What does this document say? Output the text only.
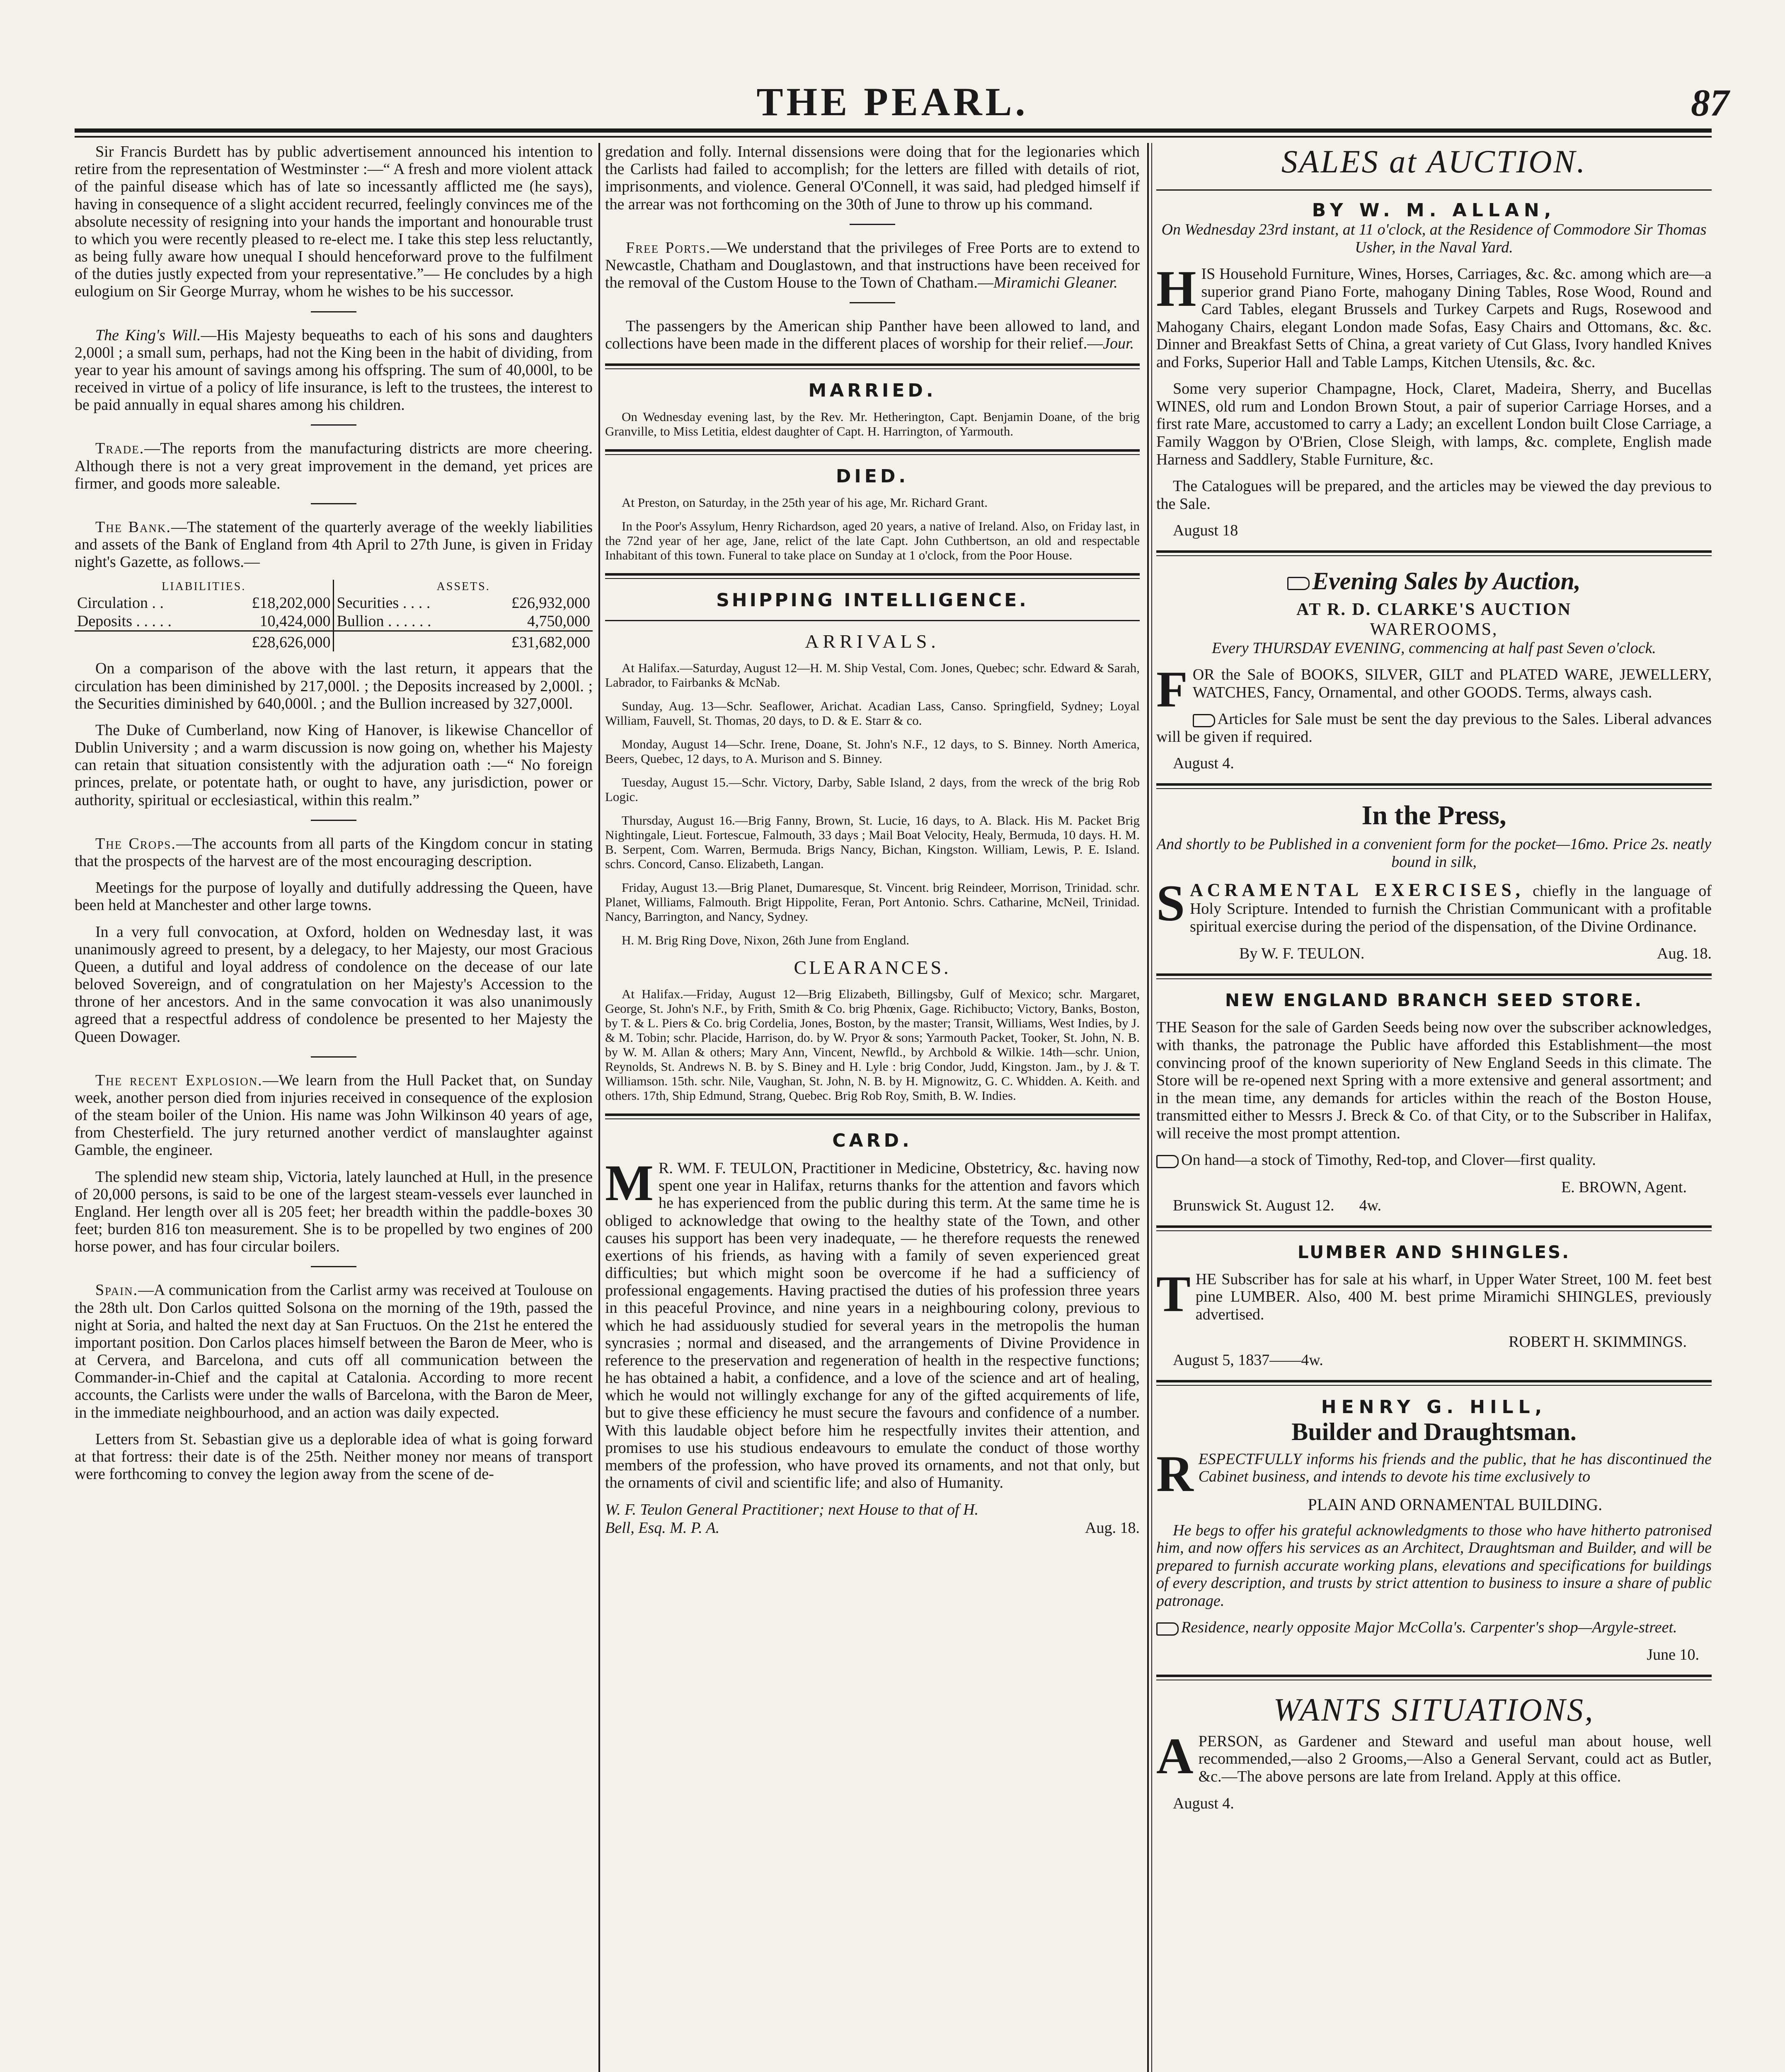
THE PEARL.	87

Sir Francis Burdett has by public advertisement announced his intention to retire from the representation of Westminster :—“ A fresh and more violent attack of the painful disease which has of late so incessantly afflicted me (he says), having in consequence of a slight accident recurred, feelingly convinces me of the absolute necessity of resigning into your hands the important and honourable trust to which you were recently pleased to re-elect me. I take this step less reluctantly, as being fully aware how unequal I should henceforward prove to the fulfilment of the duties justly expected from your representative.”— He concludes by a high eulogium on Sir George Murray, whom he wishes to be his successor.

The King's Will.—His Majesty bequeaths to each of his sons and daughters 2,000l ; a small sum, perhaps, had not the King been in the habit of dividing, from year to year his amount of savings among his offspring. The sum of 40,000l, to be received in virtue of a policy of life insurance, is left to the trustees, the interest to be paid annually in equal shares among his children.

Trade.—The reports from the manufacturing districts are more cheering. Although there is not a very great improvement in the demand, yet prices are firmer, and goods more saleable.

The Bank.—The statement of the quarterly average of the weekly liabilities and assets of the Bank of England from 4th April to 27th June, is given in Friday night's Gazette, as follows.—

LIABILITIES.		ASSETS.	
Circulation . .	£18,202,000	Securities . . . .	£26,932,000
Deposits . . . . .	10,424,000	Bullion . . . . . .	4,750,000
	£28,626,000		£31,682,000

On a comparison of the above with the last return, it appears that the circulation has been diminished by 217,000l. ; the Deposits increased by 2,000l. ; the Securities diminished by 640,000l. ; and the Bullion increased by 327,000l.

The Duke of Cumberland, now King of Hanover, is likewise Chancellor of Dublin University ; and a warm discussion is now going on, whether his Majesty can retain that situation consistently with the adjuration oath :—“ No foreign princes, prelate, or potentate hath, or ought to have, any jurisdiction, power or authority, spiritual or ecclesiastical, within this realm.”

The Crops.—The accounts from all parts of the Kingdom concur in stating that the prospects of the harvest are of the most encouraging description.

Meetings for the purpose of loyally and dutifully addressing the Queen, have been held at Manchester and other large towns.

In a very full convocation, at Oxford, holden on Wednesday last, it was unanimously agreed to present, by a delegacy, to her Majesty, our most Gracious Queen, a dutiful and loyal address of condolence on the decease of our late beloved Sovereign, and of congratulation on her Majesty's Accession to the throne of her ancestors. And in the same convocation it was also unanimously agreed that a respectful address of condolence be presented to her Majesty the Queen Dowager.

The recent Explosion.—We learn from the Hull Packet that, on Sunday week, another person died from injuries received in consequence of the explosion of the steam boiler of the Union. His name was John Wilkinson 40 years of age, from Chesterfield. The jury returned another verdict of manslaughter against Gamble, the engineer.

The splendid new steam ship, Victoria, lately launched at Hull, in the presence of 20,000 persons, is said to be one of the largest steam-vessels ever launched in England. Her length over all is 205 feet; her breadth within the paddle-boxes 30 feet; burden 816 ton measurement. She is to be propelled by two engines of 200 horse power, and has four circular boilers.

Spain.—A communication from the Carlist army was received at Toulouse on the 28th ult. Don Carlos quitted Solsona on the morning of the 19th, passed the night at Soria, and halted the next day at San Fructuos. On the 21st he entered the important position. Don Carlos places himself between the Baron de Meer, who is at Cervera, and Barcelona, and cuts off all communication between the Commander-in-Chief and the capital at Catalonia. According to more recent accounts, the Carlists were under the walls of Barcelona, with the Baron de Meer, in the immediate neighbourhood, and an action was daily expected.

Letters from St. Sebastian give us a deplorable idea of what is going forward at that fortress: their date is of the 25th. Neither money nor means of transport were forthcoming to convey the legion away from the scene of de-

gredation and folly. Internal dissensions were doing that for the legionaries which the Carlists had failed to accomplish; for the letters are filled with details of riot, imprisonments, and violence. General O'Connell, it was said, had pledged himself if the arrear was not forthcoming on the 30th of June to throw up his command.

Free Ports.—We understand that the privileges of Free Ports are to extend to Newcastle, Chatham and Douglastown, and that instructions have been received for the removal of the Custom House to the Town of Chatham.—Miramichi Gleaner.

The passengers by the American ship Panther have been allowed to land, and collections have been made in the different places of worship for their relief.—Jour.

MARRIED.

On Wednesday evening last, by the Rev. Mr. Hetherington, Capt. Benjamin Doane, of the brig Granville, to Miss Letitia, eldest daughter of Capt. H. Harrington, of Yarmouth.

DIED.

At Preston, on Saturday, in the 25th year of his age, Mr. Richard Grant.

In the Poor's Assylum, Henry Richardson, aged 20 years, a native of Ireland. Also, on Friday last, in the 72nd year of her age, Jane, relict of the late Capt. John Cuthbertson, an old and respectable Inhabitant of this town. Funeral to take place on Sunday at 1 o'clock, from the Poor House.

SHIPPING INTELLIGENCE.
ARRIVALS.

At Halifax.—Saturday, August 12—H. M. Ship Vestal, Com. Jones, Quebec; schr. Edward & Sarah, Labrador, to Fairbanks & McNab.

Sunday, Aug. 13—Schr. Seaflower, Arichat. Acadian Lass, Canso. Springfield, Sydney; Loyal William, Fauvell, St. Thomas, 20 days, to D. & E. Starr & co.

Monday, August 14—Schr. Irene, Doane, St. John's N.F., 12 days, to S. Binney. North America, Beers, Quebec, 12 days, to A. Murison and S. Binney.

Tuesday, August 15.—Schr. Victory, Darby, Sable Island, 2 days, from the wreck of the brig Rob Logic.

Thursday, August 16.—Brig Fanny, Brown, St. Lucie, 16 days, to A. Black. His M. Packet Brig Nightingale, Lieut. Fortescue, Falmouth, 33 days ; Mail Boat Velocity, Healy, Bermuda, 10 days. H. M. B. Serpent, Com. Warren, Bermuda. Brigs Nancy, Bichan, Kingston. William, Lewis, P. E. Island. schrs. Concord, Canso. Elizabeth, Langan.

Friday, August 13.—Brig Planet, Dumaresque, St. Vincent. brig Reindeer, Morrison, Trinidad. schr. Planet, Williams, Falmouth. Brigt Hippolite, Feran, Port Antonio. Schrs. Catharine, McNeil, Trinidad. Nancy, Barrington, and Nancy, Sydney.

H. M. Brig Ring Dove, Nixon, 26th June from England.

CLEARANCES.

At Halifax.—Friday, August 12—Brig Elizabeth, Billingsby, Gulf of Mexico; schr. Margaret, George, St. John's N.F., by Frith, Smith & Co. brig Phœnix, Gage. Richibucto; Victory, Banks, Boston, by T. & L. Piers & Co. brig Cordelia, Jones, Boston, by the master; Transit, Williams, West Indies, by J. & M. Tobin; schr. Placide, Harrison, do. by W. Pryor & sons; Yarmouth Packet, Tooker, St. John, N. B. by W. M. Allan & others; Mary Ann, Vincent, Newfld., by Archbold & Wilkie. 14th—schr. Union, Reynolds, St. Andrews N. B. by S. Biney and H. Lyle : brig Condor, Judd, Kingston. Jam., by J. & T. Williamson. 15th. schr. Nile, Vaughan, St. John, N. B. by H. Mignowitz, G. C. Whidden. A. Keith. and others. 17th, Ship Edmund, Strang, Quebec. Brig Rob Roy, Smith, B. W. Indies.

CARD.

M R. WM. F. TEULON, Practitioner in Medicine, Obstetricy, &c. having now spent one year in Halifax, returns thanks for the attention and favors which he has experienced from the public during this term. At the same time he is obliged to acknowledge that owing to the healthy state of the Town, and other causes his support has been very inadequate, — he therefore requests the renewed exertions of his friends, as having with a family of seven experienced great difficulties; but which might soon be overcome if he had a sufficiency of professional engagements. Having practised the duties of his profession three years in this peaceful Province, and nine years in a neighbouring colony, previous to which he had assiduously studied for several years in the metropolis the human syncrasies ; normal and diseased, and the arrangements of Divine Providence in reference to the preservation and regeneration of health in the respective functions; he has obtained a habit, a confidence, and a love of the science and art of healing, which he would not willingly exchange for any of the gifted acquirements of life, but to give these efficiency he must secure the favours and confidence of a number. With this laudable object before him he respectfully invites their attention, and promises to use his studious endeavours to emulate the conduct of those worthy members of the profession, who have proved its ornaments, and not that only, but the ornaments of civil and scientific life; and also of Humanity.

W. F. Teulon General Practitioner; next House to that of H. Bell, Esq. M. P. A.	Aug. 18.
SALES at AUCTION.
BY W. M. ALLAN,

On Wednesday 23rd instant, at 11 o'clock, at the Residence of Commodore Sir Thomas Usher, in the Naval Yard.

HIS Household Furniture, Wines, Horses, Carriages, &c. &c. among which are—a superior grand Piano Forte, mahogany Dining Tables, Rose Wood, Round and Card Tables, elegant Brussels and Turkey Carpets and Rugs, Rosewood and Mahogany Chairs, elegant London made Sofas, Easy Chairs and Ottomans, &c. &c. Dinner and Breakfast Setts of China, a great variety of Cut Glass, Ivory handled Knives and Forks, Superior Hall and Table Lamps, Kitchen Utensils, &c. &c.

Some very superior Champagne, Hock, Claret, Madeira, Sherry, and Bucellas WINES, old rum and London Brown Stout, a pair of superior Carriage Horses, and a first rate Mare, accustomed to carry a Lady; an excellent London built Close Carriage, a Family Waggon by O'Brien, Close Sleigh, with lamps, &c. complete, English made Harness and Saddlery, Stable Furniture, &c.

The Catalogues will be prepared, and the articles may be viewed the day previous to the Sale.

August 18

Evening Sales by Auction,
AT R. D. CLARKE'S AUCTION
WAREROOMS,

Every THURSDAY EVENING, commencing at half past Seven o'clock.

FOR the Sale of BOOKS, SILVER, GILT and PLATED WARE, JEWELLERY, WATCHES, Fancy, Ornamental, and other GOODS. Terms, always cash.

Articles for Sale must be sent the day previous to the Sales. Liberal advances will be given if required.

August 4.

In the Press,

And shortly to be Published in a convenient form for the pocket—16mo. Price 2s. neatly bound in silk,

SACRAMENTAL EXERCISES, chiefly in the language of Holy Scripture. Intended to furnish the Christian Communicant with a profitable spiritual exercise during the period of the dispensation, of the Divine Ordinance.

By W. F. TEULON.	Aug. 18.
NEW ENGLAND BRANCH SEED STORE.

THE Season for the sale of Garden Seeds being now over the subscriber acknowledges, with thanks, the patronage the Public have afforded this Establishment—the most convincing proof of the known superiority of New England Seeds in this climate. The Store will be re-opened next Spring with a more extensive and general assortment; and in the mean time, any demands for articles within the reach of the Boston House, transmitted either to Messrs J. Breck & Co. of that City, or to the Subscriber in Halifax, will receive the most prompt attention.

On hand—a stock of Timothy, Red-top, and Clover—first quality.

E. BROWN, Agent.
Brunswick St. August 12. 4w.
LUMBER AND SHINGLES.

THE Subscriber has for sale at his wharf, in Upper Water Street, 100 M. feet best pine LUMBER. Also, 400 M. best prime Miramichi SHINGLES, previously advertised.

ROBERT H. SKIMMINGS.
August 5, 1837——4w.
HENRY G. HILL,
Builder and Draughtsman.

RESPECTFULLY informs his friends and the public, that he has discontinued the Cabinet business, and intends to devote his time exclusively to

PLAIN AND ORNAMENTAL BUILDING.

He begs to offer his grateful acknowledgments to those who have hitherto patronised him, and now offers his services as an Architect, Draughtsman and Builder, and will be prepared to furnish accurate working plans, elevations and specifications for buildings of every description, and trusts by strict attention to business to insure a share of public patronage.

Residence, nearly opposite Major McColla's. Carpenter's shop—Argyle-street.

June 10.
WANTS SITUATIONS,

APERSON, as Gardener and Steward and useful man about house, well recommended,—also 2 Grooms,—Also a General Servant, could act as Butler, &c.—The above persons are late from Ireland. Apply at this office.

August 4.
